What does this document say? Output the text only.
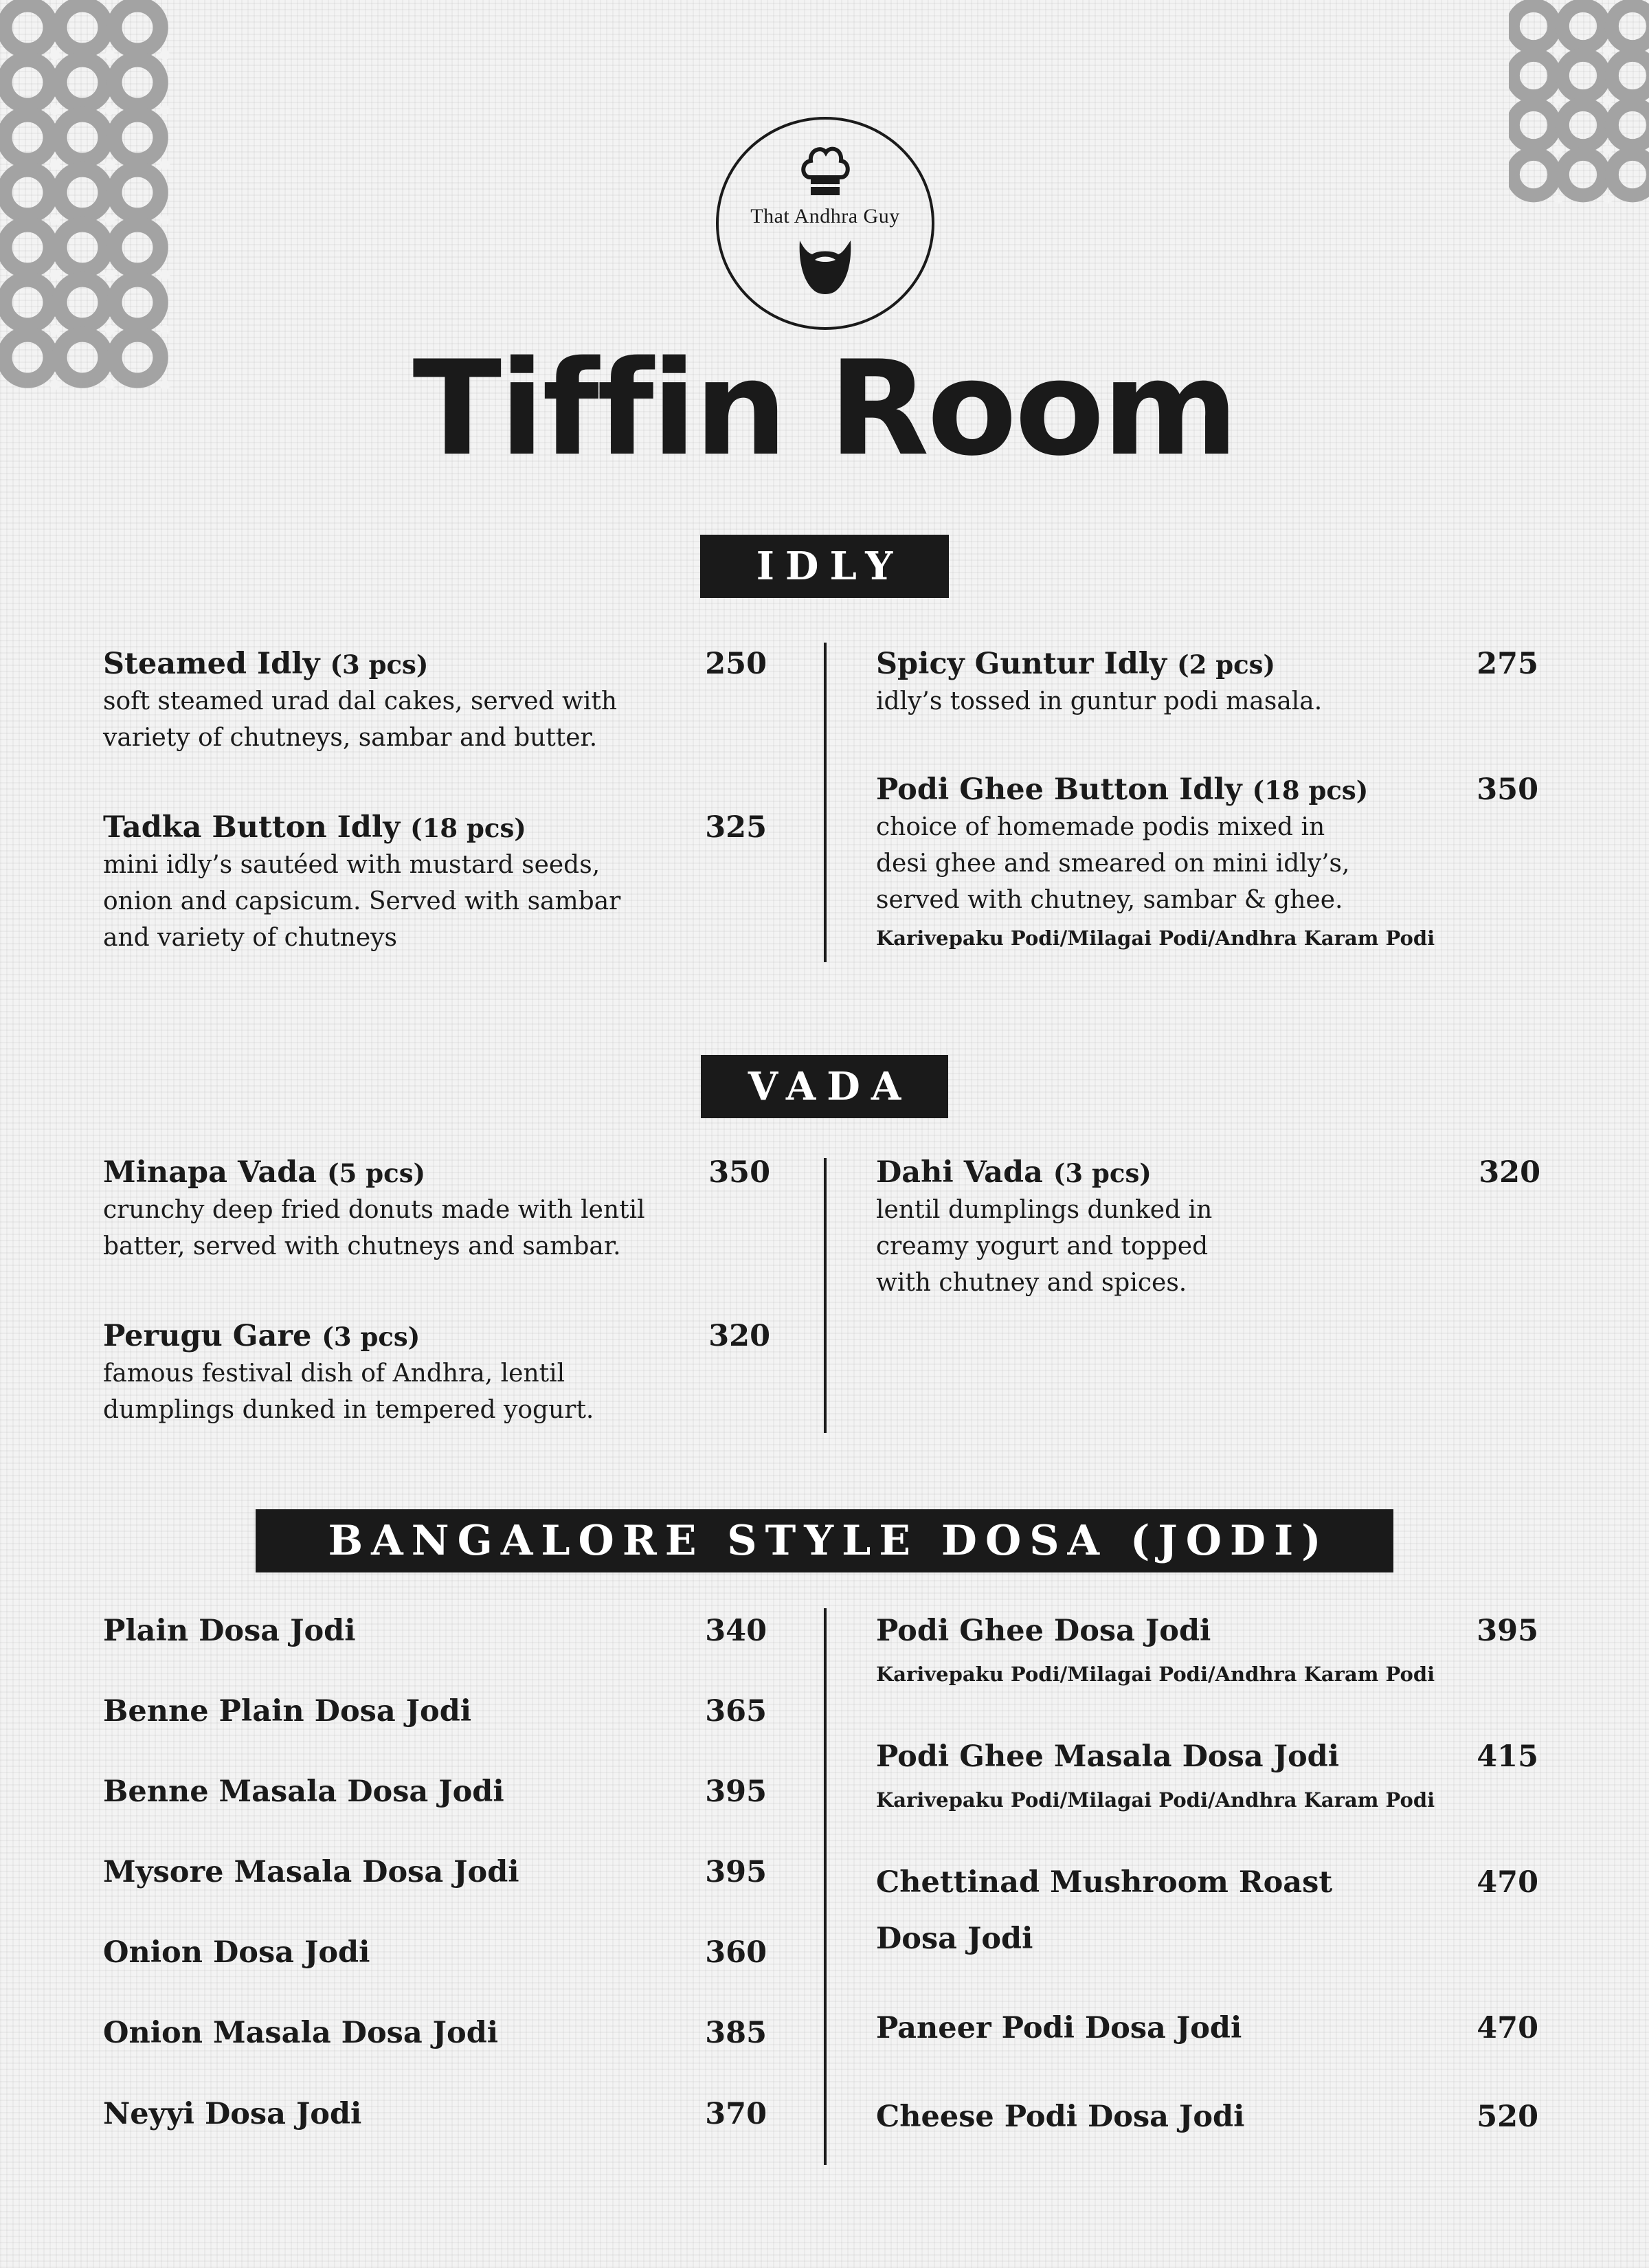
That Andhra Guy
Tiffin Room
IDLY
VADA
BANGALORE STYLE DOSA (JODI)
Steamed Idly (3 pcs)	250
soft steamed urad dal cakes, served with
variety of chutneys, sambar and butter.
Tadka Button Idly (18 pcs)	325
mini idly’s sautéed with mustard seeds,
onion and capsicum. Served with sambar
and variety of chutneys
Spicy Guntur Idly (2 pcs)	275
idly’s tossed in guntur podi masala.
Podi Ghee Button Idly (18 pcs)	350
choice of homemade podis mixed in
desi ghee and smeared on mini idly’s,
served with chutney, sambar & ghee.
Karivepaku Podi/Milagai Podi/Andhra Karam Podi
Minapa Vada (5 pcs)	350
crunchy deep fried donuts made with lentil
batter, served with chutneys and sambar.
Perugu Gare (3 pcs)	320
famous festival dish of Andhra, lentil
dumplings dunked in tempered yogurt.
Dahi Vada (3 pcs)	320
lentil dumplings dunked in
creamy yogurt and topped
with chutney and spices.
Plain Dosa Jodi	340
Benne Plain Dosa Jodi	365
Benne Masala Dosa Jodi	395
Mysore Masala Dosa Jodi	395
Onion Dosa Jodi	360
Onion Masala Dosa Jodi	385
Neyyi Dosa Jodi	370
Podi Ghee Dosa Jodi	395
Karivepaku Podi/Milagai Podi/Andhra Karam Podi
Podi Ghee Masala Dosa Jodi	415
Karivepaku Podi/Milagai Podi/Andhra Karam Podi
Chettinad Mushroom Roast	470
Dosa Jodi
Paneer Podi Dosa Jodi	470
Cheese Podi Dosa Jodi	520
